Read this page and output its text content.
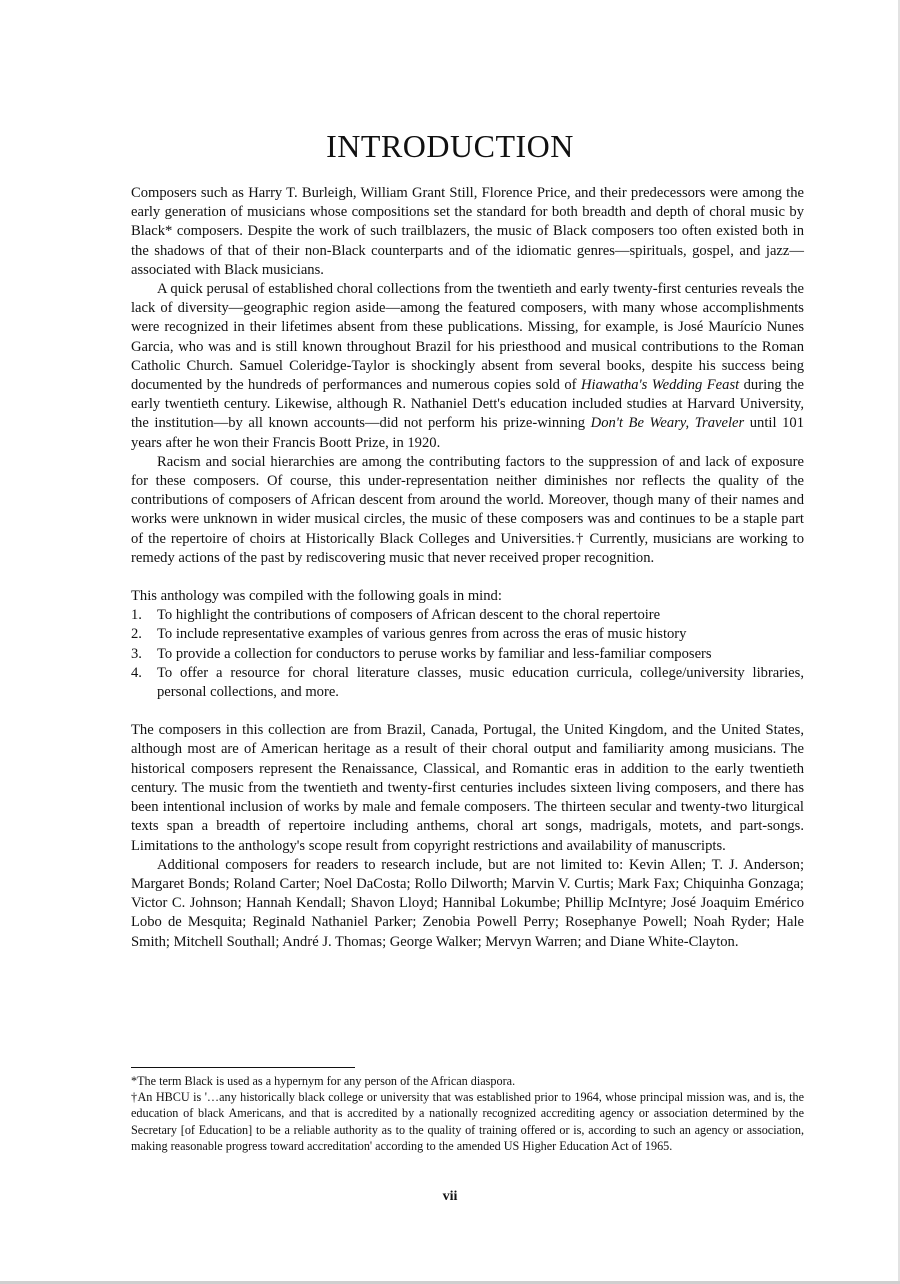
INTRODUCTION

Composers such as Harry T. Burleigh, William Grant Still, Florence Price, and their predecessors were among the early generation of musicians whose compositions set the standard for both breadth and depth of choral music by Black* composers. Despite the work of such trailblazers, the music of Black composers too often existed both in the shadows of that of their non-Black counterparts and of the idiomatic genres—spirituals, gospel, and jazz—associated with Black musicians.

A quick perusal of established choral collections from the twentieth and early twenty-first centuries reveals the lack of diversity—geographic region aside—among the featured composers, with many whose accomplishments were recognized in their lifetimes absent from these publications. Missing, for example, is José Maurício Nunes Garcia, who was and is still known throughout Brazil for his priesthood and musical contributions to the Roman Catholic Church. Samuel Coleridge-Taylor is shockingly absent from several books, despite his success being documented by the hundreds of performances and numerous copies sold of Hiawatha's Wedding Feast during the early twentieth century. Likewise, although R. Nathaniel Dett's education included studies at Harvard University, the institution—by all known accounts—did not perform his prize-winning Don't Be Weary, Traveler until 101 years after he won their Francis Boott Prize, in 1920.

Racism and social hierarchies are among the contributing factors to the suppression of and lack of exposure for these composers. Of course, this under-representation neither diminishes nor reflects the quality of the contributions of composers of African descent from around the world. Moreover, though many of their names and works were unknown in wider musical circles, the music of these composers was and continues to be a staple part of the repertoire of choirs at Historically Black Colleges and Universities.† Currently, musicians are working to remedy actions of the past by rediscovering music that never received proper recognition.

This anthology was compiled with the following goals in mind:

1.	To highlight the contributions of composers of African descent to the choral repertoire
2.	To include representative examples of various genres from across the eras of music history
3.	To provide a collection for conductors to peruse works by familiar and less-familiar composers
4.	To offer a resource for choral literature classes, music education curricula, college/university libraries, personal collections, and more.

The composers in this collection are from Brazil, Canada, Portugal, the United Kingdom, and the United States, although most are of American heritage as a result of their choral output and familiarity among musicians. The historical composers represent the Renaissance, Classical, and Romantic eras in addition to the early twentieth century. The music from the twentieth and twenty-first centuries includes sixteen living composers, and there has been intentional inclusion of works by male and female composers. The thirteen secular and twenty-two liturgical texts span a breadth of repertoire including anthems, choral art songs, madrigals, motets, and part-songs. Limitations to the anthology's scope result from copyright restrictions and availability of manuscripts.

Additional composers for readers to research include, but are not limited to: Kevin Allen; T. J. Anderson; Margaret Bonds; Roland Carter; Noel DaCosta; Rollo Dilworth; Marvin V. Curtis; Mark Fax; Chiquinha Gonzaga; Victor C. Johnson; Hannah Kendall; Shavon Lloyd; Hannibal Lokumbe; Phillip McIntyre; José Joaquim Emérico Lobo de Mesquita; Reginald Nathaniel Parker; Zenobia Powell Perry; Rosephanye Powell; Noah Ryder; Hale Smith; Mitchell Southall; André J. Thomas; George Walker; Mervyn Warren; and Diane White-Clayton.

*The term Black is used as a hypernym for any person of the African diaspora.

†An HBCU is '…any historically black college or university that was established prior to 1964, whose principal mission was, and is, the education of black Americans, and that is accredited by a nationally recognized accrediting agency or association determined by the Secretary [of Education] to be a reliable authority as to the quality of training offered or is, according to such an agency or association, making reasonable progress toward accreditation' according to the amended US Higher Education Act of 1965.

vii
